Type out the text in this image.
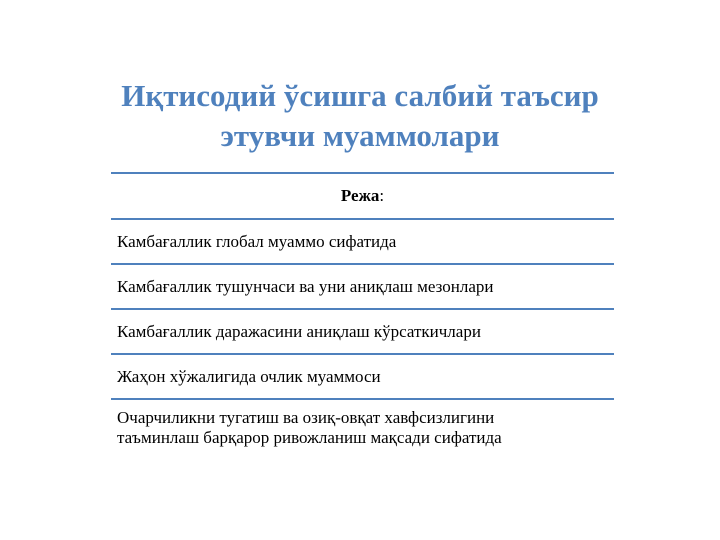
Иқтисодий ўсишга салбий таъсир
этувчи муаммолари
Режа :
Камбағаллик глобал муаммо сифатида
Камбағаллик тушунчаси ва уни аниқлаш мезонлари
Камбағаллик даражасини аниқлаш кўрсаткичлари
Жаҳон хўжалигида очлик муаммоси
Очарчиликни тугатиш ва озиқ-овқат хавфсизлигини
таъминлаш барқарор ривожланиш мақсади сифатида
